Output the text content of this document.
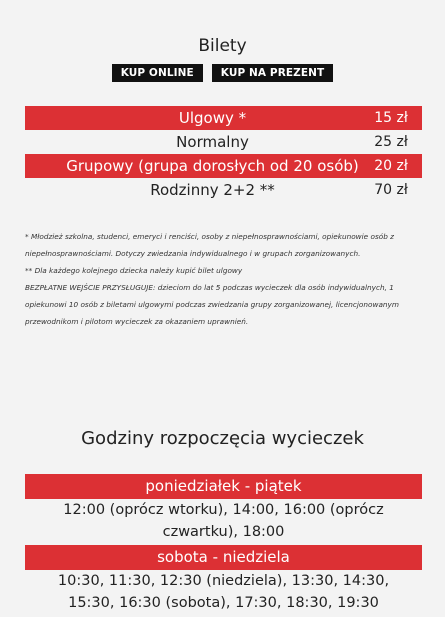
Bilety
KUP ONLINE	KUP NA PREZENT
Ulgowy *	15 zł
Normalny	25 zł
Grupowy (grupa dorosłych od 20 osób)	20 zł
Rodzinny 2+2 **	70 zł

* Młodzież szkolna, studenci, emeryci i renciści, osoby z niepełnosprawnościami, opiekunowie osób z niepełnosprawnościami. Dotyczy zwiedzania indywidualnego i w grupach zorganizowanych.

** Dla każdego kolejnego dziecka należy kupić bilet ulgowy

BEZPŁATNE WEJŚCIE PRZYSŁUGUJE: dzieciom do lat 5 podczas wycieczek dla osób indywidualnych, 1 opiekunowi 10 osób z biletami ulgowymi podczas zwiedzania grupy zorganizowanej, licencjonowanym przewodnikom i pilotom wycieczek za okazaniem uprawnień.

Godziny rozpoczęcia wycieczek
poniedziałek - piątek
12:00 (oprócz wtorku), 14:00, 16:00 (oprócz czwartku), 18:00
sobota - niedziela
10:30, 11:30, 12:30 (niedziela), 13:30, 14:30, 15:30, 16:30 (sobota), 17:30, 18:30, 19:30
